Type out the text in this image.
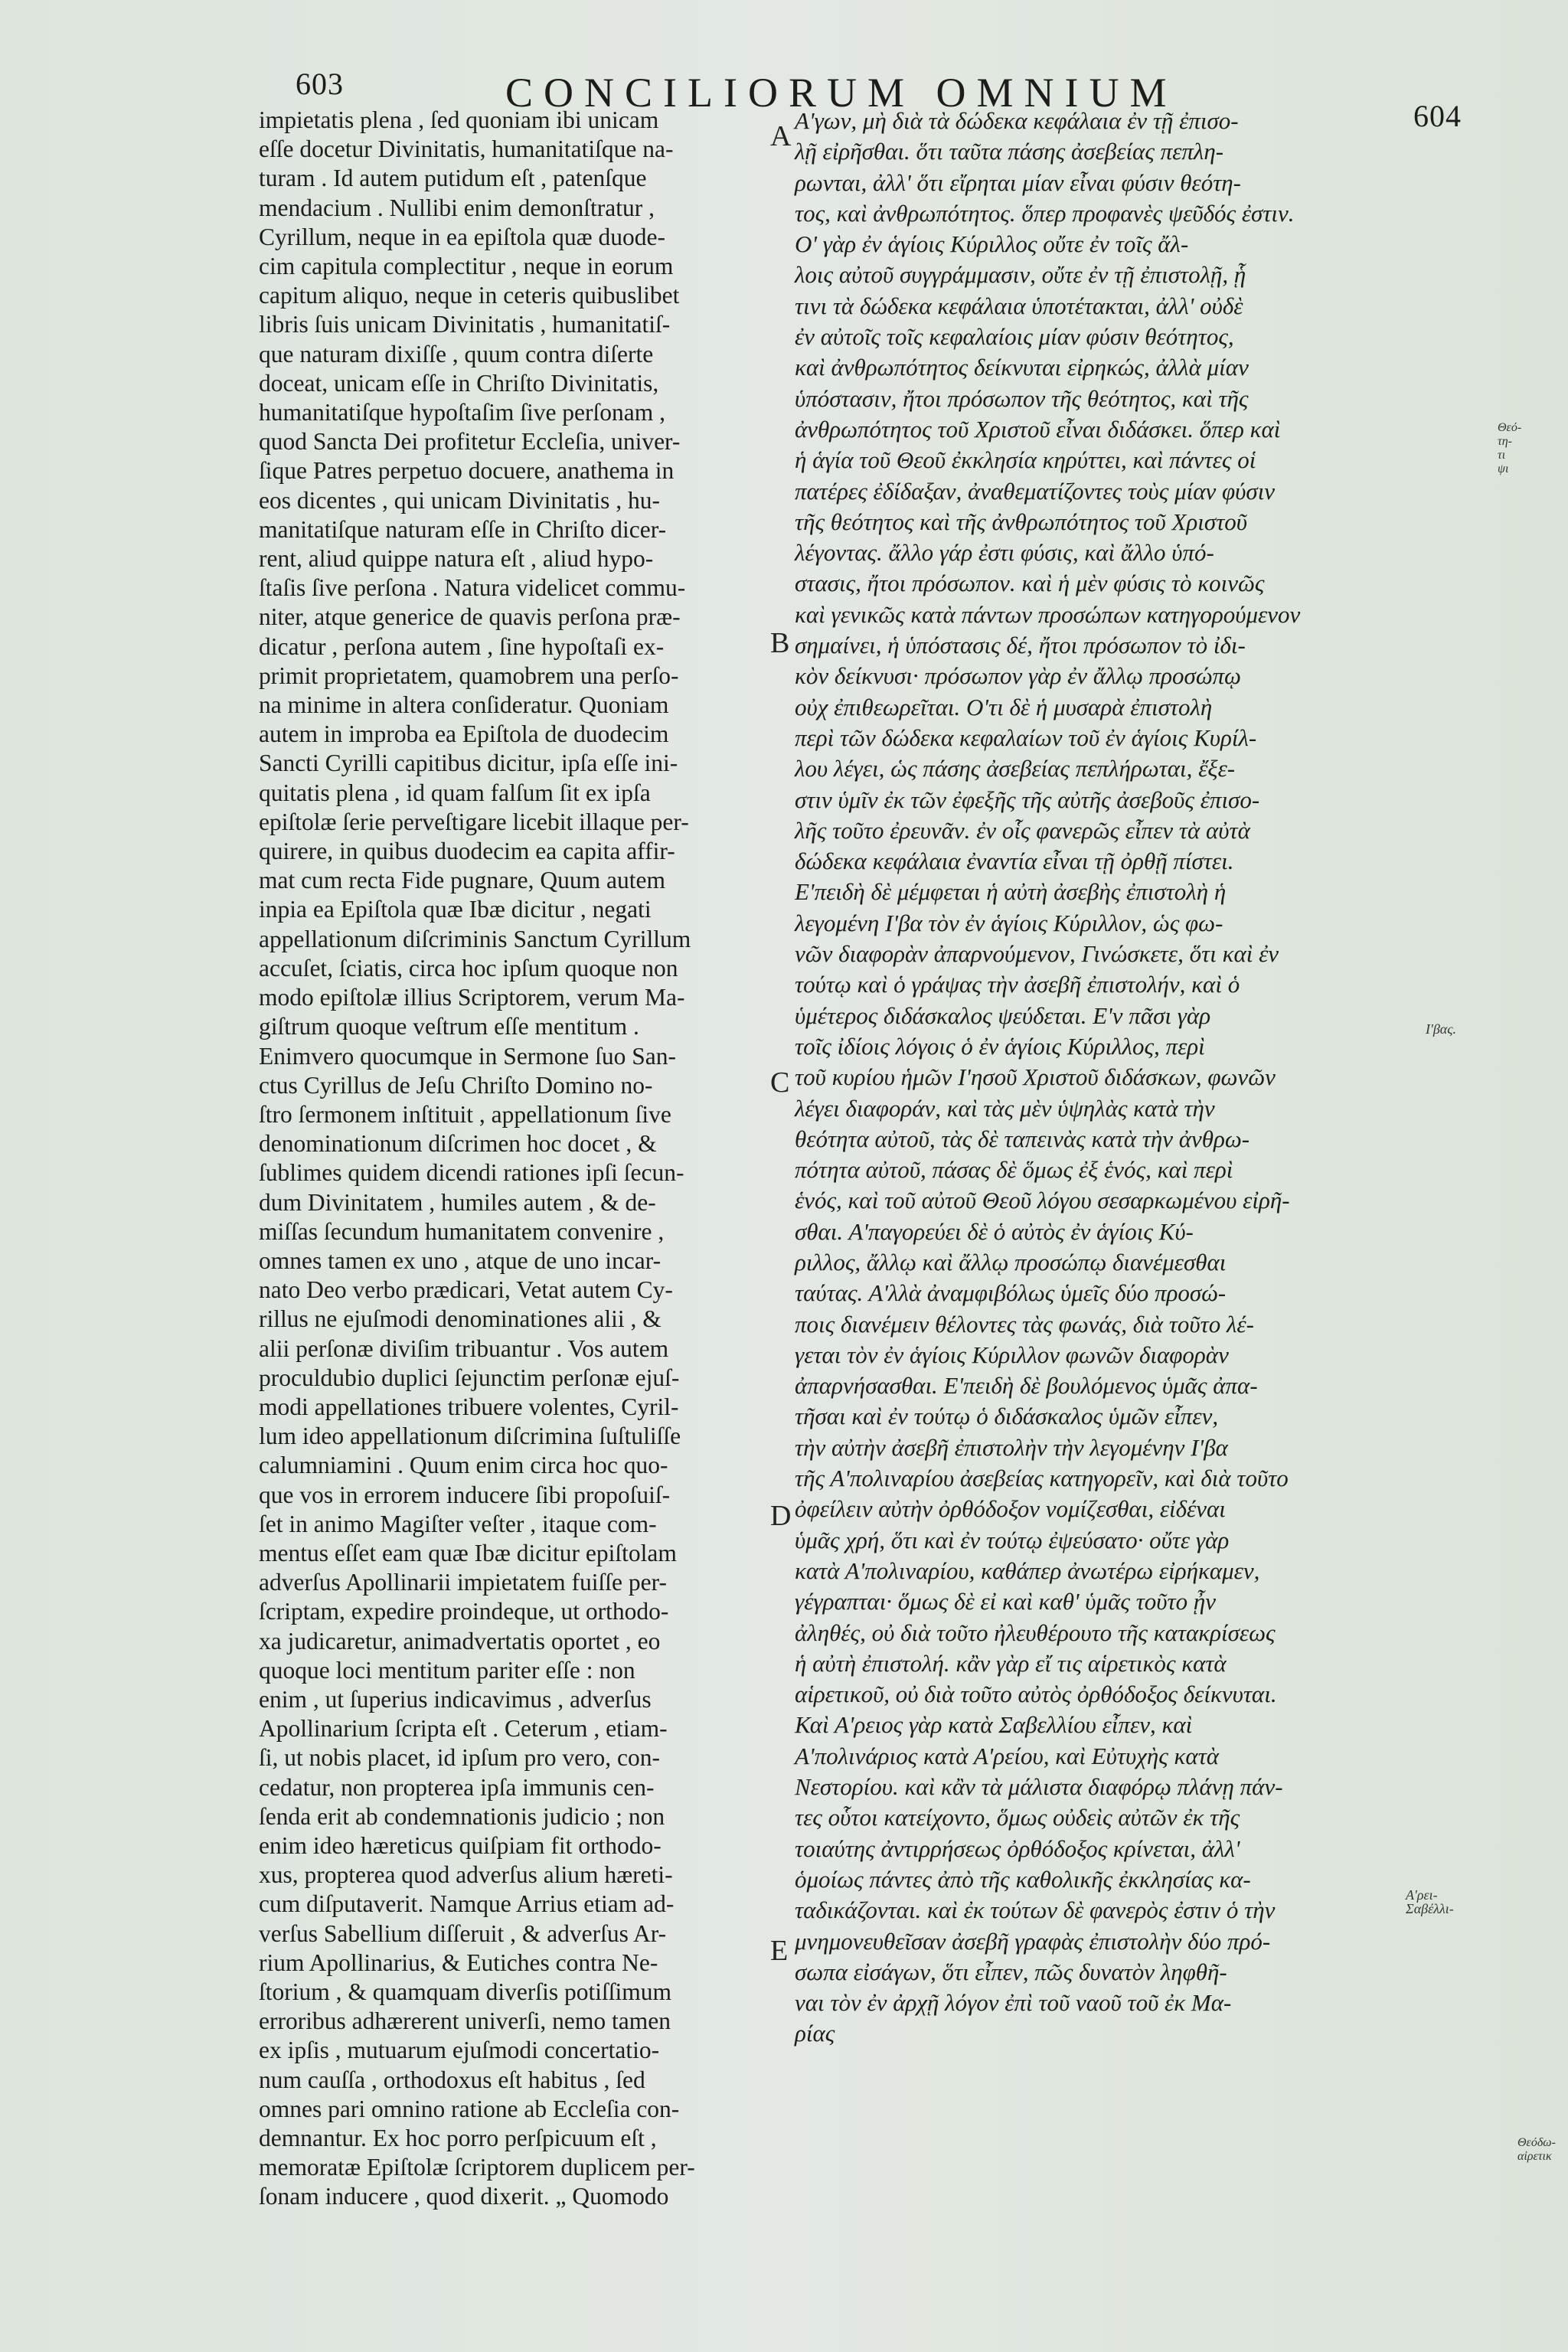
603	CONCILIORUM OMNIUM
604
impietatis plena , ſed quoniam ibi unicam
eſſe docetur Divinitatis, humanitatiſque na-
turam . Id autem putidum eſt , patenſque
mendacium . Nullibi enim demonſtratur ,
Cyrillum, neque in ea epiſtola quæ duode-
cim capitula complectitur , neque in eorum
capitum aliquo, neque in ceteris quibuslibet
libris ſuis unicam Divinitatis , humanitatiſ-
que naturam dixiſſe , quum contra diſerte
doceat, unicam eſſe in Chriſto Divinitatis,
humanitatiſque hypoſtaſim ſive perſonam ,
quod Sancta Dei profitetur Eccleſia, univer-
ſique Patres perpetuo docuere, anathema in
eos dicentes , qui unicam Divinitatis , hu-
manitatiſque naturam eſſe in Chriſto dicer-
rent, aliud quippe natura eſt , aliud hypo-
ſtaſis ſive perſona . Natura videlicet commu-
niter, atque generice de quavis perſona præ-
dicatur , perſona autem , ſine hypoſtaſi ex-
primit proprietatem, quamobrem una perſo-
na minime in altera conſideratur. Quoniam
autem in improba ea Epiſtola de duodecim
Sancti Cyrilli capitibus dicitur, ipſa eſſe ini-
quitatis plena , id quam falſum ſit ex ipſa
epiſtolæ ſerie perveſtigare licebit illaque per-
quirere, in quibus duodecim ea capita affir-
mat cum recta Fide pugnare, Quum autem
inpia ea Epiſtola quæ Ibæ dicitur , negati
appellationum diſcriminis Sanctum Cyrillum
accuſet, ſciatis, circa hoc ipſum quoque non
modo epiſtolæ illius Scriptorem, verum Ma-
giſtrum quoque veſtrum eſſe mentitum .
Enimvero quocumque in Sermone ſuo San-
ctus Cyrillus de Jeſu Chriſto Domino no-
ſtro ſermonem inſtituit , appellationum ſive
denominationum diſcrimen hoc docet , &
ſublimes quidem dicendi rationes ipſi ſecun-
dum Divinitatem , humiles autem , & de-
miſſas ſecundum humanitatem convenire ,
omnes tamen ex uno , atque de uno incar-
nato Deo verbo prædicari, Vetat autem Cy-
rillus ne ejuſmodi denominationes alii , &
alii perſonæ diviſim tribuantur . Vos autem
proculdubio duplici ſejunctim perſonæ ejuſ-
modi appellationes tribuere volentes, Cyril-
lum ideo appellationum diſcrimina ſuſtuliſſe
calumniamini . Quum enim circa hoc quo-
que vos in errorem inducere ſibi propoſuiſ-
ſet in animo Magiſter veſter , itaque com-
mentus eſſet eam quæ Ibæ dicitur epiſtolam
adverſus Apollinarii impietatem fuiſſe per-
ſcriptam, expedire proindeque, ut orthodo-
xa judicaretur, animadvertatis oportet , eo
quoque loci mentitum pariter eſſe : non
enim , ut ſuperius indicavimus , adverſus
Apollinarium ſcripta eſt . Ceterum , etiam-
ſi, ut nobis placet, id ipſum pro vero, con-
cedatur, non propterea ipſa immunis cen-
ſenda erit ab condemnationis judicio ; non
enim ideo hæreticus quiſpiam fit orthodo-
xus, propterea quod adverſus alium hæreti-
cum diſputaverit. Namque Arrius etiam ad-
verſus Sabellium diſſeruit , & adverſus Ar-
rium Apollinarius, & Eutiches contra Ne-
ſtorium , & quamquam diverſis potiſſimum
erroribus adhærerent univerſi, nemo tamen
ex ipſis , mutuarum ejuſmodi concertatio-
num cauſſa , orthodoxus eſt habitus , ſed
omnes pari omnino ratione ab Eccleſia con-
demnantur. Ex hoc porro perſpicuum eſt ,
memoratæ Epiſtolæ ſcriptorem duplicem per-
ſonam inducere , quod dixerit. „ Quomodo
Α'γων, μὴ διὰ τὰ δώδεκα κεφάλαια ἐν τῇ ἐπισο-
λῇ εἰρῆσθαι. ὅτι ταῦτα πάσης ἀσεβείας πεπλη-
ρωνται, ἀλλ' ὅτι εἴρηται μίαν εἶναι φύσιν θεότη-
τος, καὶ ἀνθρωπότητος. ὅπερ προφανὲς ψεῦδός ἐστιν.
Ο' γὰρ ἐν ἁγίοις Κύριλλος οὔτε ἐν τοῖς ἄλ-
λοις αὐτοῦ συγγράμμασιν, οὔτε ἐν τῇ ἐπιστολῇ, ᾗ
τινι τὰ δώδεκα κεφάλαια ὑποτέτακται, ἀλλ' οὐδὲ
ἐν αὐτοῖς τοῖς κεφαλαίοις μίαν φύσιν θεότητος,
καὶ ἀνθρωπότητος δείκνυται εἰρηκώς, ἀλλὰ μίαν
ὑπόστασιν, ἤτοι πρόσωπον τῆς θεότητος, καὶ τῆς
ἀνθρωπότητος τοῦ Χριστοῦ εἶναι διδάσκει. ὅπερ καὶ
ἡ ἁγία τοῦ Θεοῦ ἐκκλησία κηρύττει, καὶ πάντες οἱ
πατέρες ἐδίδαξαν, ἀναθεματίζοντες τοὺς μίαν φύσιν
τῆς θεότητος καὶ τῆς ἀνθρωπότητος τοῦ Χριστοῦ
λέγοντας. ἄλλο γάρ ἐστι φύσις, καὶ ἄλλο ὑπό-
στασις, ἤτοι πρόσωπον. καὶ ἡ μὲν φύσις τὸ κοινῶς
καὶ γενικῶς κατὰ πάντων προσώπων κατηγορούμενον
σημαίνει, ἡ ὑπόστασις δέ, ἤτοι πρόσωπον τὸ ἰδι-
κὸν δείκνυσι· πρόσωπον γὰρ ἐν ἄλλῳ προσώπῳ
οὐχ ἐπιθεωρεῖται. Ο'τι δὲ ἡ μυσαρὰ ἐπιστολὴ
περὶ τῶν δώδεκα κεφαλαίων τοῦ ἐν ἁγίοις Κυρίλ-
λου λέγει, ὡς πάσης ἀσεβείας πεπλήρωται, ἔξε-
στιν ὑμῖν ἐκ τῶν ἐφεξῆς τῆς αὐτῆς ἀσεβοῦς ἐπισο-
λῆς τοῦτο ἐρευνᾶν. ἐν οἷς φανερῶς εἶπεν τὰ αὐτὰ
δώδεκα κεφάλαια ἐναντία εἶναι τῇ ὀρθῇ πίστει.
Ε'πειδὴ δὲ μέμφεται ἡ αὐτὴ ἀσεβὴς ἐπιστολὴ ἡ
λεγομένη Ι'βα τὸν ἐν ἁγίοις Κύριλλον, ὡς φω-
νῶν διαφορὰν ἀπαρνούμενον, Γινώσκετε, ὅτι καὶ ἐν
τούτῳ καὶ ὁ γράψας τὴν ἀσεβῆ ἐπιστολήν, καὶ ὁ
ὑμέτερος διδάσκαλος ψεύδεται. Ε'ν πᾶσι γὰρ
τοῖς ἰδίοις λόγοις ὁ ἐν ἁγίοις Κύριλλος, περὶ
τοῦ κυρίου ἡμῶν Ι'ησοῦ Χριστοῦ διδάσκων, φωνῶν
λέγει διαφοράν, καὶ τὰς μὲν ὑψηλὰς κατὰ τὴν
θεότητα αὐτοῦ, τὰς δὲ ταπεινὰς κατὰ τὴν ἀνθρω-
πότητα αὐτοῦ, πάσας δὲ ὅμως ἐξ ἑνός, καὶ περὶ
ἑνός, καὶ τοῦ αὐτοῦ Θεοῦ λόγου σεσαρκωμένου εἰρῆ-
σθαι. Α'παγορεύει δὲ ὁ αὐτὸς ἐν ἁγίοις Κύ-
ριλλος, ἄλλῳ καὶ ἄλλῳ προσώπῳ διανέμεσθαι
ταύτας. Α'λλὰ ἀναμφιβόλως ὑμεῖς δύο προσώ-
ποις διανέμειν θέλοντες τὰς φωνάς, διὰ τοῦτο λέ-
γεται τὸν ἐν ἁγίοις Κύριλλον φωνῶν διαφορὰν
ἀπαρνήσασθαι. Ε'πειδὴ δὲ βουλόμενος ὑμᾶς ἀπα-
τῆσαι καὶ ἐν τούτῳ ὁ διδάσκαλος ὑμῶν εἶπεν,
τὴν αὐτὴν ἀσεβῆ ἐπιστολὴν τὴν λεγομένην Ι'βα
τῆς Α'πολιναρίου ἀσεβείας κατηγορεῖν, καὶ διὰ τοῦτο
ὀφείλειν αὐτὴν ὀρθόδοξον νομίζεσθαι, εἰδέναι
ὑμᾶς χρή, ὅτι καὶ ἐν τούτῳ ἐψεύσατο· οὔτε γὰρ
κατὰ Α'πολιναρίου, καθάπερ ἀνωτέρω εἰρήκαμεν,
γέγραπται· ὅμως δὲ εἰ καὶ καθ' ὑμᾶς τοῦτο ᾖν
ἀληθές, οὐ διὰ τοῦτο ἠλευθέρουτο τῆς κατακρίσεως
ἡ αὐτὴ ἐπιστολή. κἂν γὰρ εἴ τις αἱρετικὸς κατὰ
αἱρετικοῦ, οὐ διὰ τοῦτο αὐτὸς ὀρθόδοξος δείκνυται.
Καὶ Α'ρειος γὰρ κατὰ Σαβελλίου εἶπεν, καὶ
Α'πολινάριος κατὰ Α'ρείου, καὶ Εὐτυχὴς κατὰ
Νεστορίου. καὶ κἂν τὰ μάλιστα διαφόρῳ πλάνῃ πάν-
τες οὗτοι κατείχοντο, ὅμως οὐδεὶς αὐτῶν ἐκ τῆς
τοιαύτης ἀντιρρήσεως ὀρθόδοξος κρίνεται, ἀλλ'
ὁμοίως πάντες ἀπὸ τῆς καθολικῆς ἐκκλησίας κα-
ταδικάζονται. καὶ ἐκ τούτων δὲ φανερὸς ἐστιν ὁ τὴν
μνημονευθεῖσαν ἀσεβῆ γραφὰς ἐπιστολὴν δύο πρό-
σωπα εἰσάγων, ὅτι εἶπεν, πῶς δυνατὸν ληφθῆ-
ναι τὸν ἐν ἀρχῇ λόγον ἐπὶ τοῦ ναοῦ τοῦ ἐκ Μα-
ρίας
A
B
C
D
E
Θεό-
τη-
τι
ψι
Ι'βας.
Α'ρει-
Σαβέλλι-
Θεόδω-
αἱρετικ
